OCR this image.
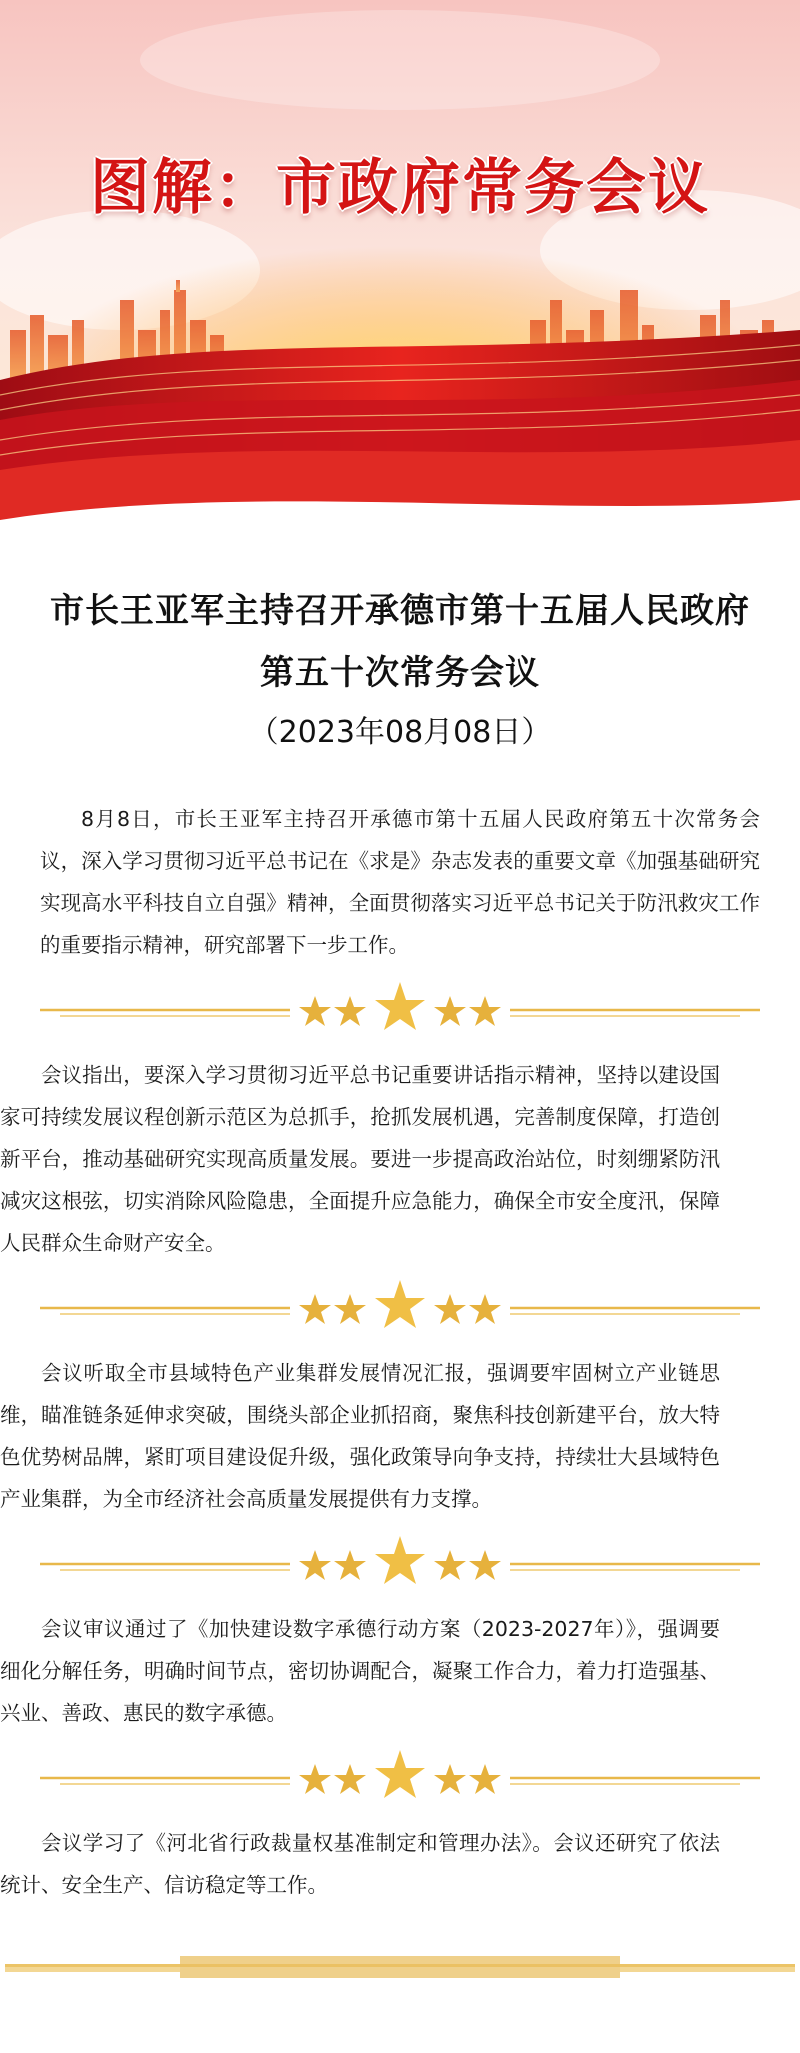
图解：市政府常务会议
市长王亚军主持召开承德市第十五届人民政府
第五十次常务会议
（2023年08月08日）

8月8日，市长王亚军主持召开承德市第十五届人民政府第五十次常务会议，深入学习贯彻习近平总书记在《求是》杂志发表的重要文章《加强基础研究 实现高水平科技自立自强》精神，全面贯彻落实习近平总书记关于防汛救灾工作的重要指示精神，研究部署下一步工作。

会议指出，要深入学习贯彻习近平总书记重要讲话指示精神，坚持以建设国家可持续发展议程创新示范区为总抓手，抢抓发展机遇，完善制度保障，打造创新平台，推动基础研究实现高质量发展。要进一步提高政治站位，时刻绷紧防汛减灾这根弦，切实消除风险隐患，全面提升应急能力，确保全市安全度汛，保障人民群众生命财产安全。

会议听取全市县域特色产业集群发展情况汇报，强调要牢固树立产业链思维，瞄准链条延伸求突破，围绕头部企业抓招商，聚焦科技创新建平台，放大特色优势树品牌，紧盯项目建设促升级，强化政策导向争支持，持续壮大县域特色产业集群，为全市经济社会高质量发展提供有力支撑。

会议审议通过了《加快建设数字承德行动方案（2023-2027年）》，强调要细化分解任务，明确时间节点，密切协调配合，凝聚工作合力，着力打造强基、兴业、善政、惠民的数字承德。

会议学习了《河北省行政裁量权基准制定和管理办法》。会议还研究了依法统计、安全生产、信访稳定等工作。
